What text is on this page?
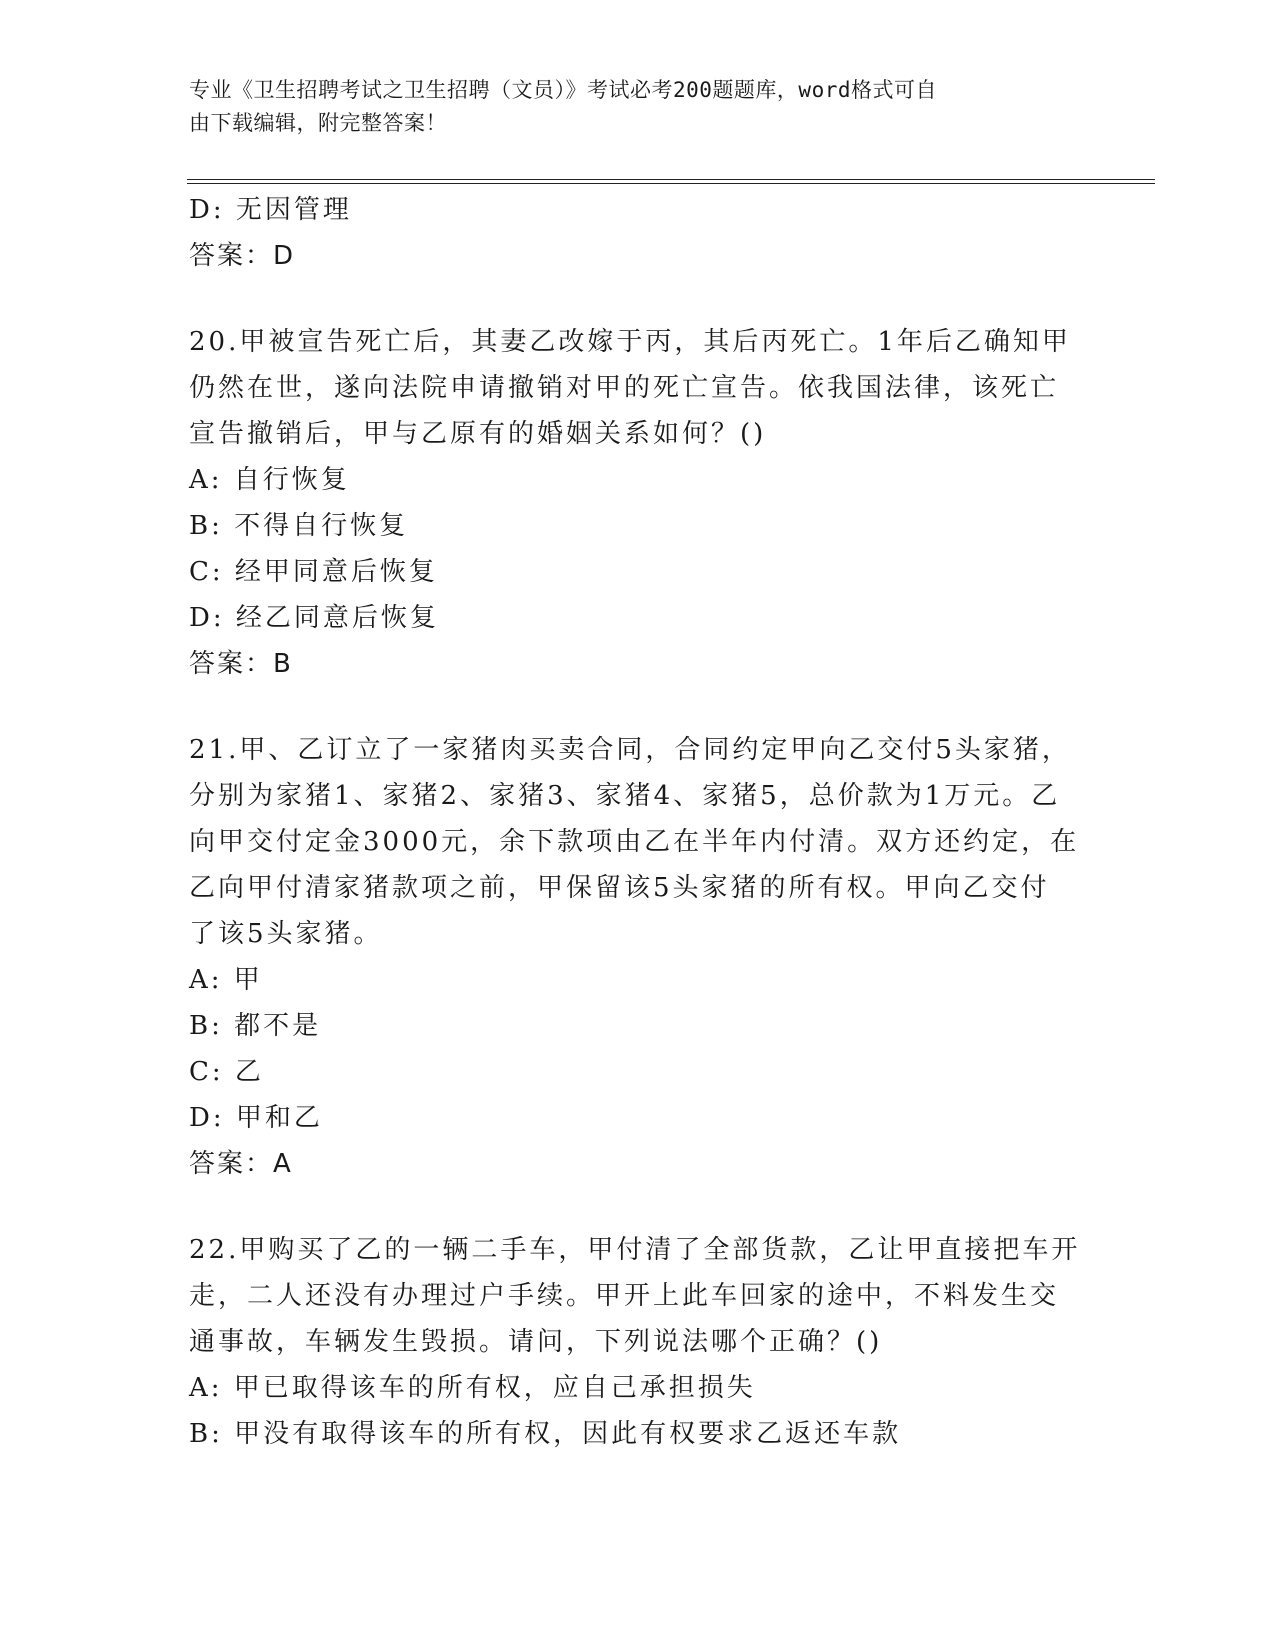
专业《卫生招聘考试之卫生招聘（文员）》考试必考200题题库，word格式可自
由下载编辑，附完整答案！
D: 无因管理
答案：D
20.甲被宣告死亡后，其妻乙改嫁于丙，其后丙死亡。1年后乙确知甲
仍然在世，遂向法院申请撤销对甲的死亡宣告。依我国法律，该死亡
宣告撤销后，甲与乙原有的婚姻关系如何？()
A: 自行恢复
B: 不得自行恢复
C: 经甲同意后恢复
D: 经乙同意后恢复
答案：B
21.甲、乙订立了一家猪肉买卖合同，合同约定甲向乙交付5头家猪，
分别为家猪1、家猪2、家猪3、家猪4、家猪5，总价款为1万元。乙
向甲交付定金3000元，余下款项由乙在半年内付清。双方还约定，在
乙向甲付清家猪款项之前，甲保留该5头家猪的所有权。甲向乙交付
了该5头家猪。
A: 甲
B: 都不是
C: 乙
D: 甲和乙
答案：A
22.甲购买了乙的一辆二手车，甲付清了全部货款，乙让甲直接把车开
走，二人还没有办理过户手续。甲开上此车回家的途中，不料发生交
通事故，车辆发生毁损。请问，下列说法哪个正确？()
A: 甲已取得该车的所有权，应自己承担损失
B: 甲没有取得该车的所有权，因此有权要求乙返还车款
